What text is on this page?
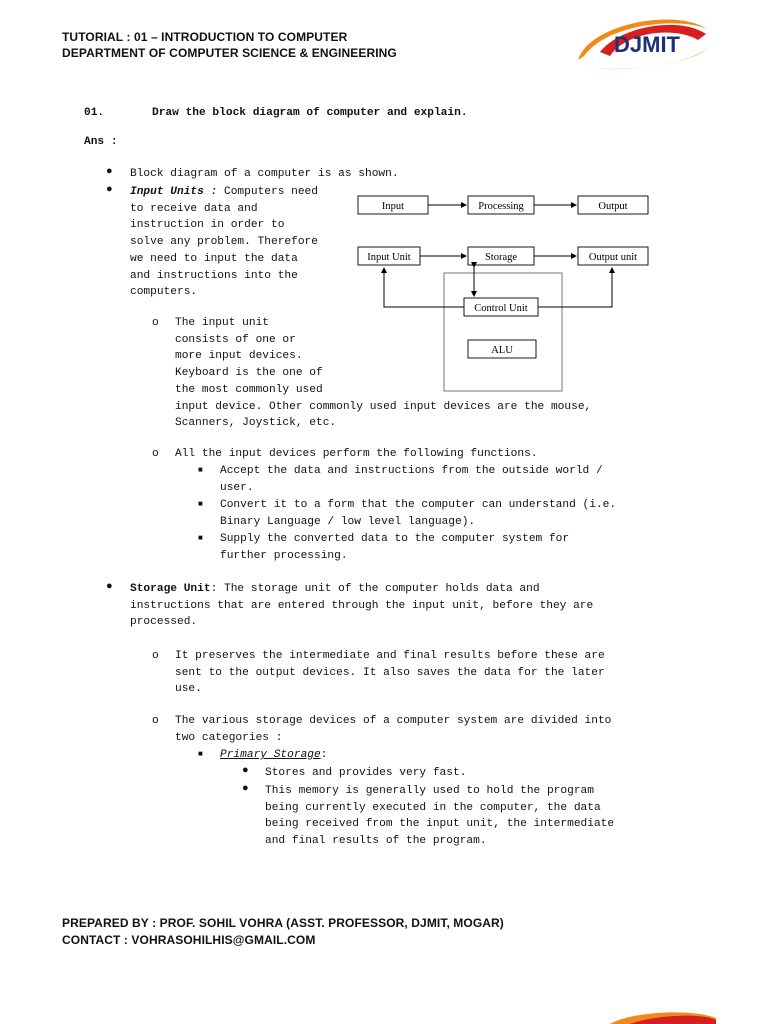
TUTORIAL : 01 – INTRODUCTION TO COMPUTER
DEPARTMENT OF COMPUTER SCIENCE & ENGINEERING	DJMIT
01.	Draw the block diagram of computer and explain.
Ans :
● Block diagram of a computer is as shown.
● Input Units : Computers need
to receive data and
instruction in order to
solve any problem. Therefore
we need to input the data
and instructions into the
computers.
o The input unit
consists of one or
more input devices.
Keyboard is the one of
the most commonly used
input device. Other commonly used input devices are the mouse,
Scanners, Joystick, etc.
o All the input devices perform the following functions.
■ Accept the data and instructions from the outside world /
user.
■ Convert it to a form that the computer can understand (i.e.
Binary Language / low level language).
■ Supply the converted data to the computer system for
further processing.
● Storage Unit: The storage unit of the computer holds data and
instructions that are entered through the input unit, before they are
processed.
o It preserves the intermediate and final results before these are
sent to the output devices. It also saves the data for the later
use.
o The various storage devices of a computer system are divided into
two categories :
■ Primary Storage:
● Stores and provides very fast.
● This memory is generally used to hold the program
being currently executed in the computer, the data
being received from the input unit, the intermediate
and final results of the program.
Input	Processing	Output
Input Unit	Storage	Output unit
Control Unit
ALU
PREPARED BY : PROF. SOHIL VOHRA (ASST. PROFESSOR, DJMIT, MOGAR)
CONTACT : VOHRASOHILHIS@GMAIL.COM
